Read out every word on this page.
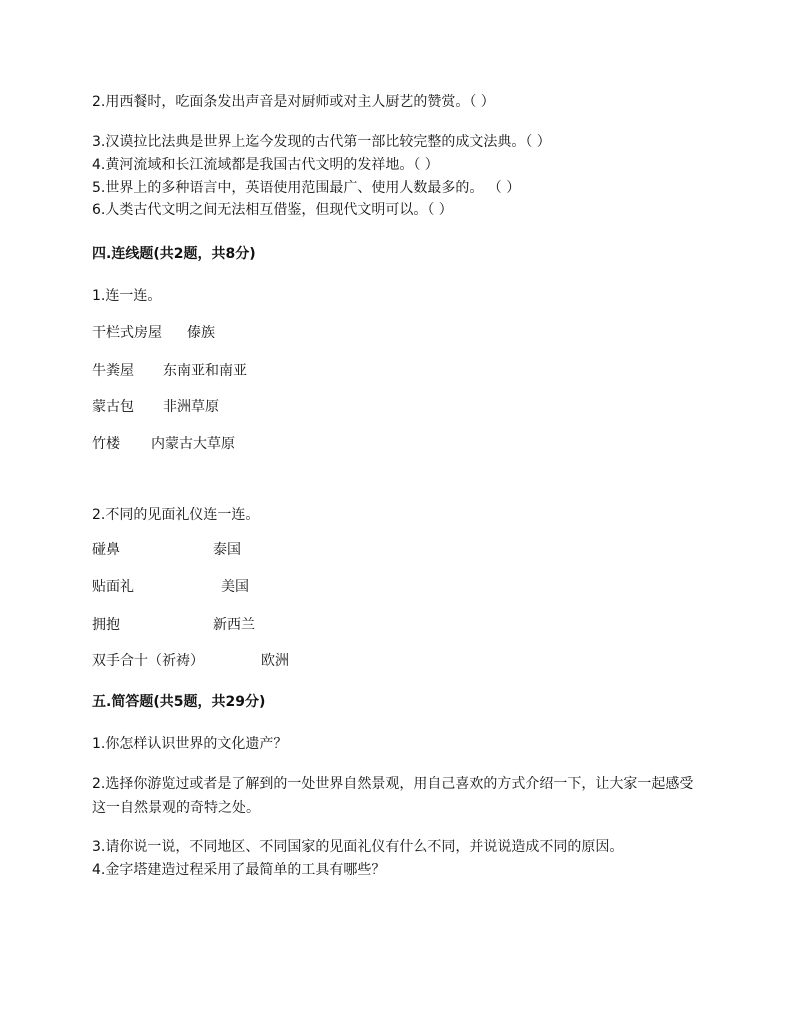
2.用西餐时，吃面条发出声音是对厨师或对主人厨艺的赞赏。（ ）
3.汉谟拉比法典是世界上迄今发现的古代第一部比较完整的成文法典。（ ）
4.黄河流域和长江流域都是我国古代文明的发祥地。（ ）
5.世界上的多种语言中，英语使用范围最广、使用人数最多的。 （ ）
6.人类古代文明之间无法相互借鉴，但现代文明可以。（ ）
四.连线题(共2题，共8分)
1.连一连。
干栏式房屋 傣族
牛粪屋 东南亚和南亚
蒙古包 非洲草原
竹楼 内蒙古大草原
2.不同的见面礼仪连一连。
碰鼻	泰国
贴面礼	美国
拥抱	新西兰
双手合十（祈祷）	欧洲
五.简答题(共5题，共29分)
1.你怎样认识世界的文化遗产？
2.选择你游览过或者是了解到的一处世界自然景观，用自己喜欢的方式介绍一下，让大家一起感受这一自然景观的奇特之处。
3.请你说一说，不同地区、不同国家的见面礼仪有什么不同，并说说造成不同的原因。
4.金字塔建造过程采用了最简单的工具有哪些？
